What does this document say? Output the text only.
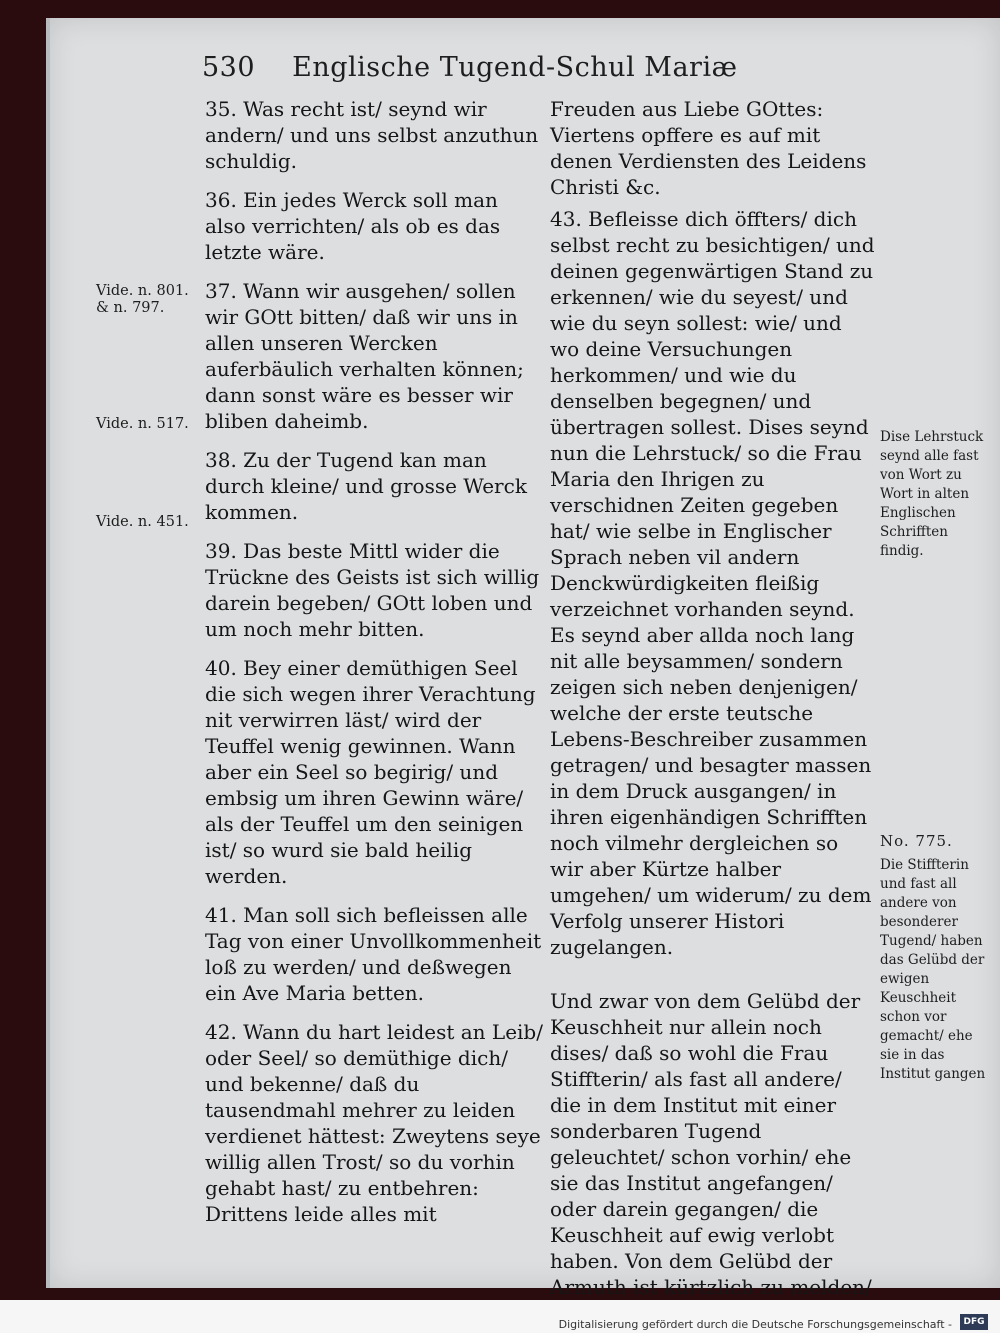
530 Englische Tugend-Schul Mariæ

35. Was recht ist/ seynd wir andern/ und uns selbst anzuthun schuldig.

36. Ein jedes Werck soll man also verrichten/ als ob es das letzte wäre.

37. Wann wir ausgehen/ sollen wir GOtt bitten/ daß wir uns in allen unseren Wercken auferbäulich verhalten können; dann sonst wäre es besser wir bliben daheimb.

38. Zu der Tugend kan man durch kleine/ und grosse Werck kommen.

39. Das beste Mittl wider die Trückne des Geists ist sich willig darein begeben/ GOtt loben und um noch mehr bitten.

40. Bey einer demüthigen Seel die sich wegen ihrer Verachtung nit verwirren läst/ wird der Teuffel wenig gewinnen. Wann aber ein Seel so begirig/ und embsig um ihren Gewinn wäre/ als der Teuffel um den seinigen ist/ so wurd sie bald heilig werden.

41. Man soll sich befleissen alle Tag von einer Unvollkommenheit loß zu werden/ und deßwegen ein Ave Maria betten.

42. Wann du hart leidest an Leib/ oder Seel/ so demüthige dich/ und bekenne/ daß du tausendmahl mehrer zu leiden verdienet hättest: Zweytens seye willig allen Trost/ so du vorhin gehabt hast/ zu entbehren: Drittens leide alles mit

Freuden aus Liebe GOttes: Viertens opffere es auf mit denen Verdiensten des Leidens Christi &c.

43. Befleisse dich öffters/ dich selbst recht zu besichtigen/ und deinen gegenwärtigen Stand zu erkennen/ wie du seyest/ und wie du seyn sollest: wie/ und wo deine Versuchungen herkommen/ und wie du denselben begegnen/ und übertragen sollest. Dises seynd nun die Lehrstuck/ so die Frau Maria den Ihrigen zu verschidnen Zeiten gegeben hat/ wie selbe in Englischer Sprach neben vil andern Denckwürdigkeiten fleißig verzeichnet vorhanden seynd. Es seynd aber allda noch lang nit alle beysammen/ sondern zeigen sich neben denjenigen/ welche der erste teutsche Lebens-Beschreiber zusammen getragen/ und besagter massen in dem Druck ausgangen/ in ihren eigenhändigen Schrifften noch vilmehr dergleichen so wir aber Kürtze halber umgehen/ um widerum/ zu dem Verfolg unserer Histori zugelangen.

Und zwar von dem Gelübd der Keuschheit nur allein noch dises/ daß so wohl die Frau Stiffterin/ als fast all andere/ die in dem Institut mit einer sonderbaren Tugend geleuchtet/ schon vorhin/ ehe sie das Institut angefangen/ oder darein gegangen/ die Keuschheit auf ewig verlobt haben. Von dem Gelübd der Armuth ist kürtzlich zu melden/

Vide. n. 801. & n. 797.
Vide. n. 517.
Vide. n. 451.
Dise Lehrstuck seynd alle fast von Wort zu Wort in alten Englischen Schrifften findig.
No. 775.
Die Stiffterin und fast all andere von besonderer Tugend/ haben das Gelübd der ewigen Keuschheit schon vor gemacht/ ehe sie in das Institut gangen
Digitalisierung gefördert durch die Deutsche Forschungsgemeinschaft -	DFG
